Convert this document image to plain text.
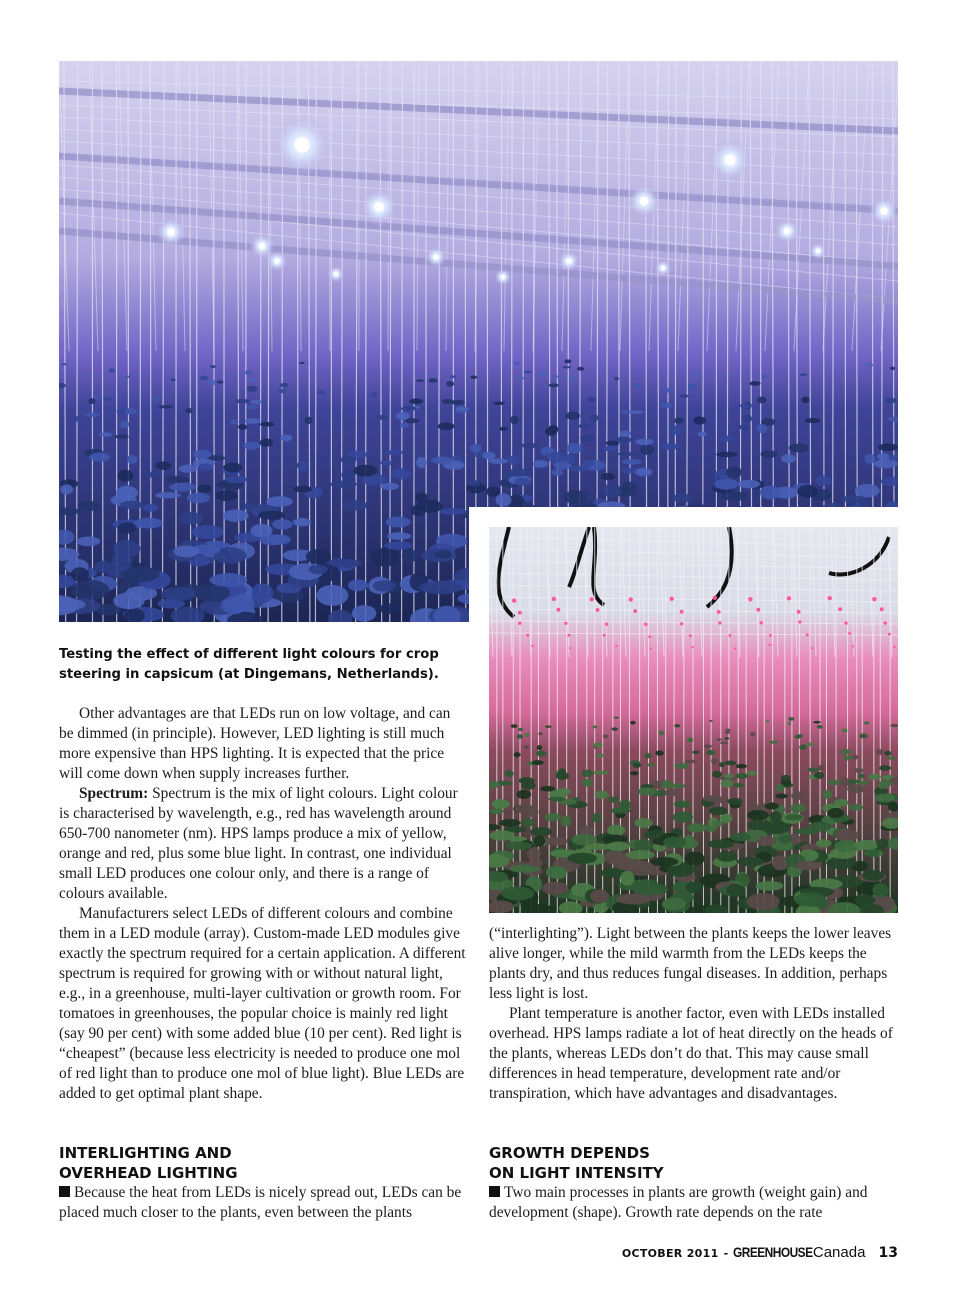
Testing the effect of different light colours for crop steering in capsicum (at Dingemans, Netherlands).

Other advantages are that LEDs run on low voltage, and can be dimmed (in principle). However, LED lighting is still much more expensive than HPS lighting. It is expected that the price will come down when supply increases further.

Spectrum: Spectrum is the mix of light colours. Light colour is characterised by wavelength, e.g., red has wavelength around 650-700 nanometer (nm). HPS lamps produce a mix of yellow, orange and red, plus some blue light. In contrast, one individual small LED produces one colour only, and there is a range of colours available.

Manufacturers select LEDs of different colours and combine them in a LED module (array). Custom-made LED modules give exactly the spectrum required for a certain application. A different spectrum is required for growing with or without natural light, e.g., in a greenhouse, multi-layer cultivation or growth room. For tomatoes in greenhouses, the popular choice is mainly red light (say 90 per cent) with some added blue (10 per cent). Red light is “cheapest” (because less electricity is needed to produce one mol of red light than to produce one mol of blue light). Blue LEDs are added to get optimal plant shape.

INTERLIGHTING AND
OVERHEAD LIGHTING

Because the heat from LEDs is nicely spread out, LEDs can be placed much closer to the plants, even between the plants

(“interlighting”). Light between the plants keeps the lower leaves alive longer, while the mild warmth from the LEDs keeps the plants dry, and thus reduces fungal diseases. In addition, perhaps less light is lost.

Plant temperature is another factor, even with LEDs installed overhead. HPS lamps radiate a lot of heat directly on the heads of the plants, whereas LEDs don’t do that. This may cause small differences in head temperature, development rate and/or transpiration, which have advantages and disadvantages.

GROWTH DEPENDS
ON LIGHT INTENSITY

Two main processes in plants are growth (weight gain) and development (shape). Growth rate depends on the rate

OCTOBER 2011 - GREENHOUSECanada 13
